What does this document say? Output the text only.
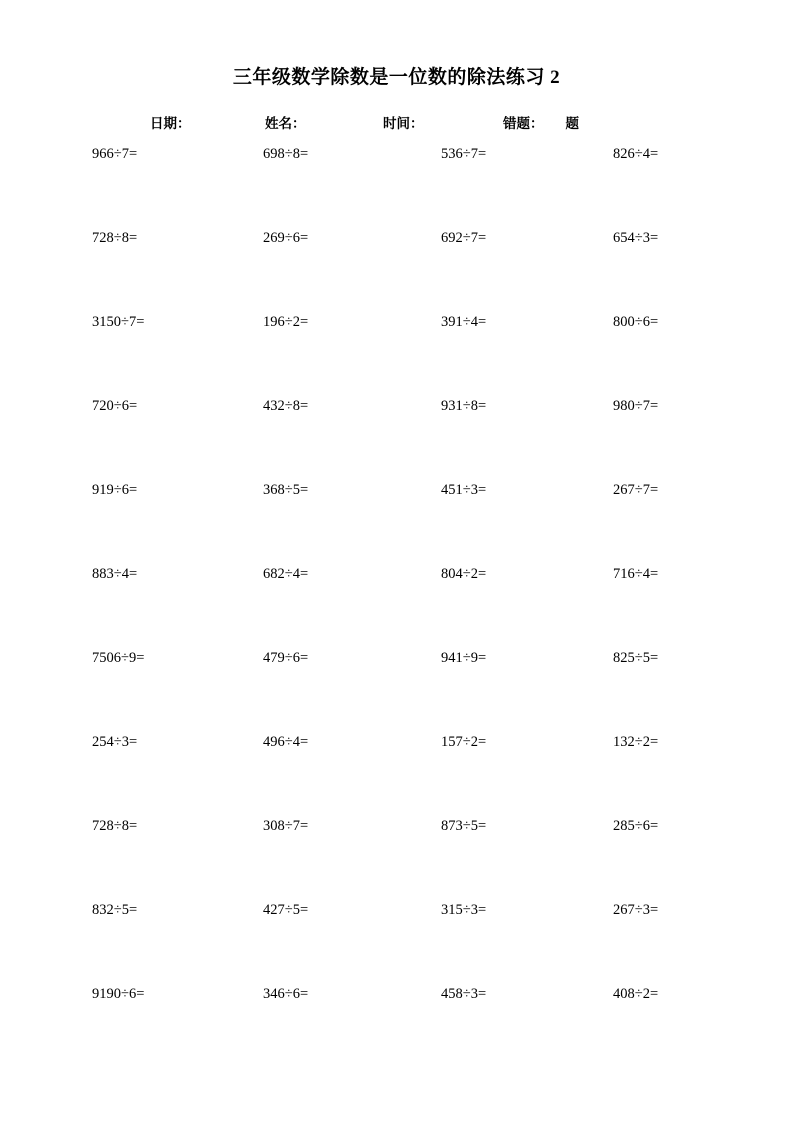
三年级数学除数是一位数的除法练习 2
日期：	姓名：	时间：	错题： 题
966÷7=	698÷8=	536÷7=	826÷4=
728÷8=	269÷6=	692÷7=	654÷3=
3150÷7=	196÷2=	391÷4=	800÷6=
720÷6=	432÷8=	931÷8=	980÷7=
919÷6=	368÷5=	451÷3=	267÷7=
883÷4=	682÷4=	804÷2=	716÷4=
7506÷9=	479÷6=	941÷9=	825÷5=
254÷3=	496÷4=	157÷2=	132÷2=
728÷8=	308÷7=	873÷5=	285÷6=
832÷5=	427÷5=	315÷3=	267÷3=
9190÷6=	346÷6=	458÷3=	408÷2=
